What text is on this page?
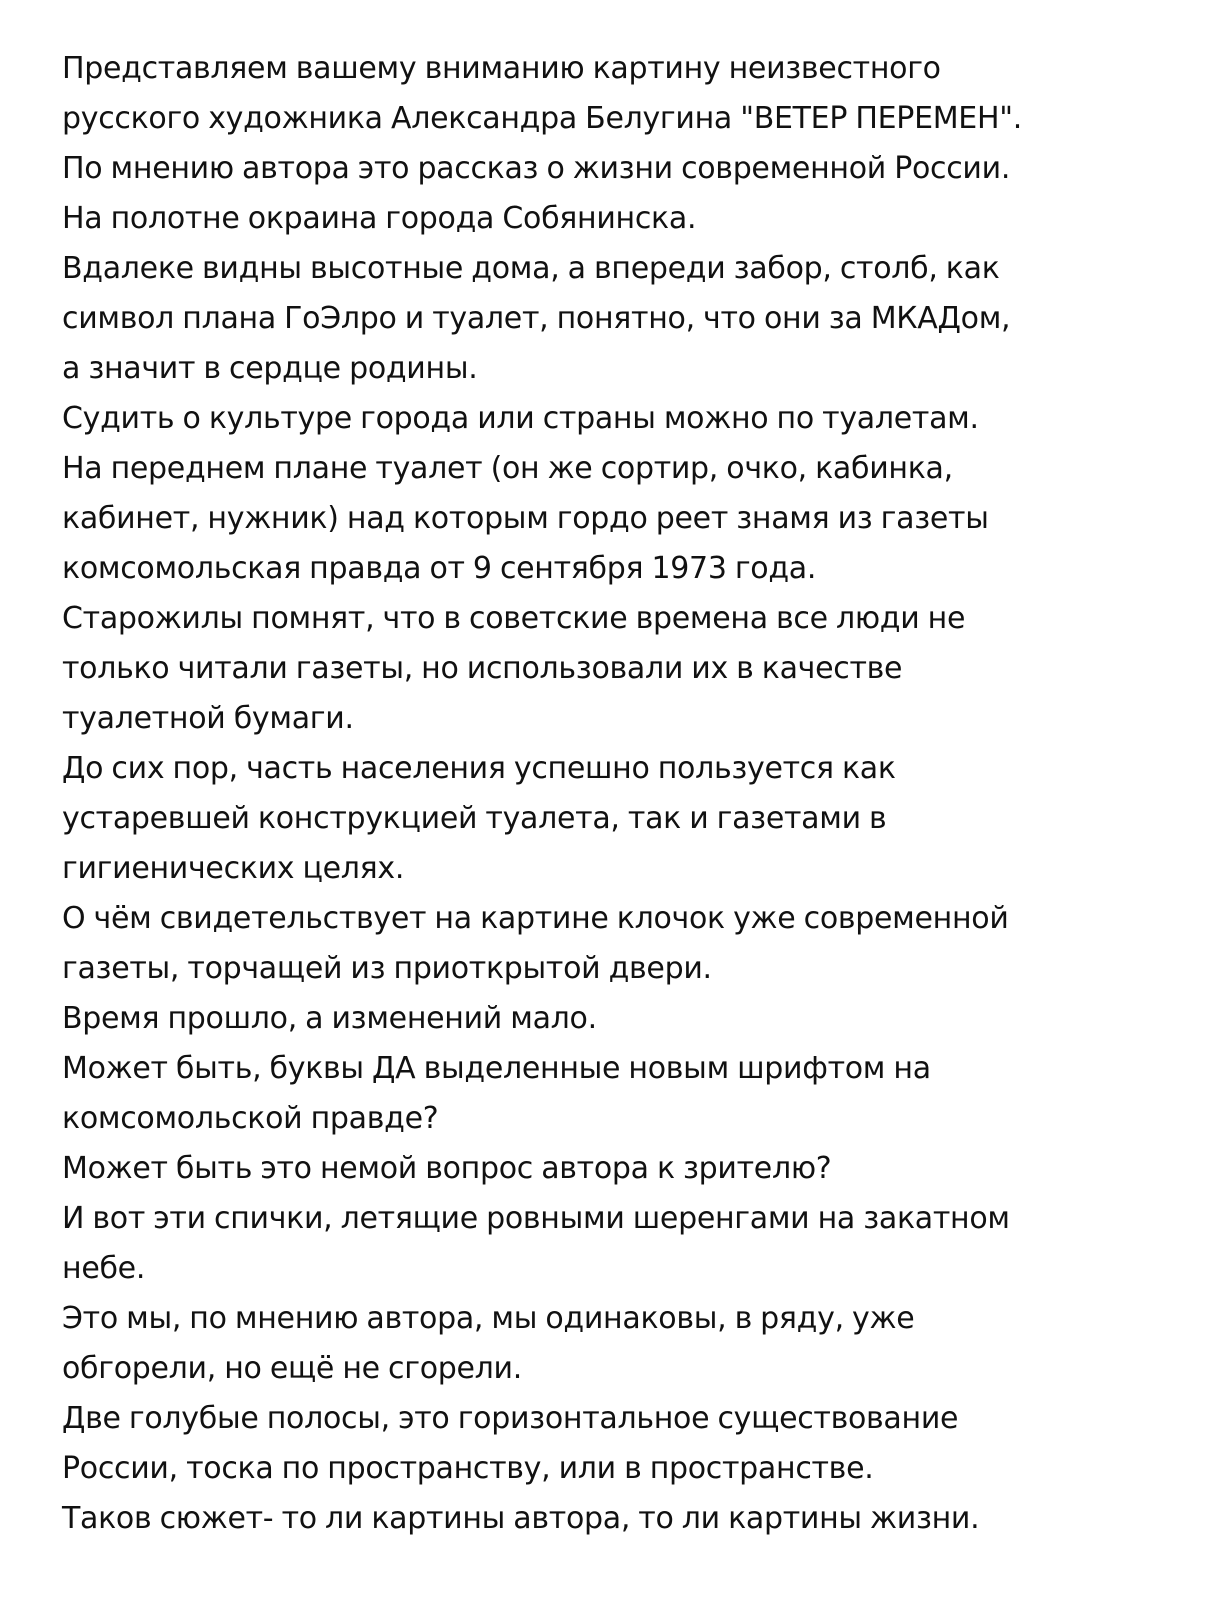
Представляем вашему вниманию картину неизвестного
русского художника Александра Белугина "ВЕТЕР ПЕРЕМЕН".
По мнению автора это рассказ о жизни современной России.
На полотне окраина города Собянинска.
Вдалеке видны высотные дома, а впереди забор, столб, как
символ плана ГоЭлро и туалет, понятно, что они за МКАДом,
а значит в сердце родины.
Судить о культуре города или страны можно по туалетам.
На переднем плане туалет (он же сортир, очко, кабинка,
кабинет, нужник) над которым гордо реет знамя из газеты
комсомольская правда от 9 сентября 1973 года.
Старожилы помнят, что в советские времена все люди не
только читали газеты, но использовали их в качестве
туалетной бумаги.
До сих пор, часть населения успешно пользуется как
устаревшей конструкцией туалета, так и газетами в
гигиенических целях.
О чём свидетельствует на картине клочок уже современной
газеты, торчащей из приоткрытой двери.
Время прошло, а изменений мало.
Может быть, буквы ДА выделенные новым шрифтом на
комсомольской правде?
Может быть это немой вопрос автора к зрителю?
И вот эти спички, летящие ровными шеренгами на закатном
небе.
Это мы, по мнению автора, мы одинаковы, в ряду, уже
обгорели, но ещё не сгорели.
Две голубые полосы, это горизонтальное существование
России, тоска по пространству, или в пространстве.
Таков сюжет- то ли картины автора, то ли картины жизни.
